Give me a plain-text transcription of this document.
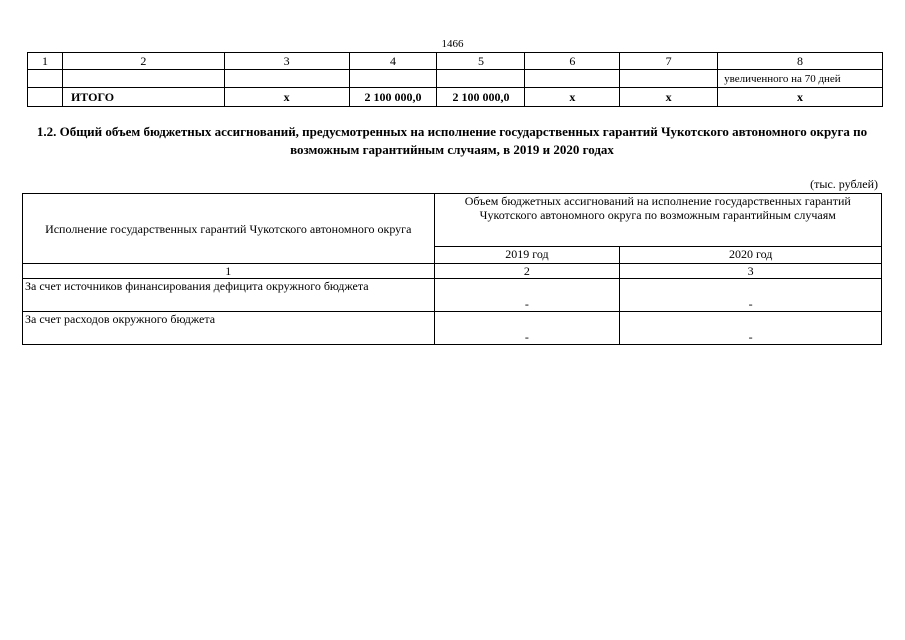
1466
1	2	3	4	5	6	7	8
							увеличенного на 70 дней
	ИТОГО	х	2 100 000,0	2 100 000,0	х	х	х
1.2. Общий объем бюджетных ассигнований, предусмотренных на исполнение государственных гарантий Чукотского автономного округа по возможным гарантийным случаям, в 2019 и 2020 годах
(тыс. рублей)
Исполнение государственных гарантий Чукотского автономного округа	Объем бюджетных ассигнований на исполнение государственных гарантий Чукотского автономного округа по возможным гарантийным случаям	
	2019 год	2020 год
1	2	3
За счет источников финансирования дефицита окружного бюджета	-	-
За счет расходов окружного бюджета	-	-
